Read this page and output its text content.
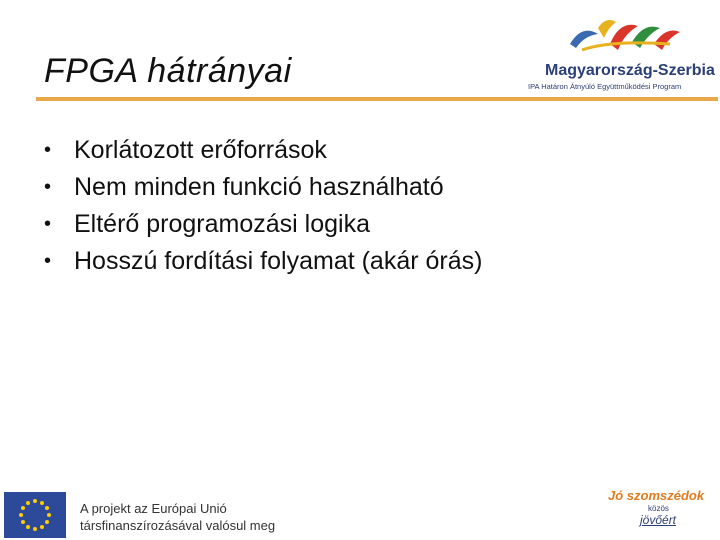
FPGA hátrányai	Magyarország-Szerbia
IPA Határon Átnyúló Együttműködési Program
• Korlátozott erőforrások
• Nem minden funkció használható
• Eltérő programozási logika
• Hosszú fordítási folyamat (akár órás)
A projekt az Európai Unió
társfinanszírozásával valósul meg
Jó szomszédok
közös
jövőért
